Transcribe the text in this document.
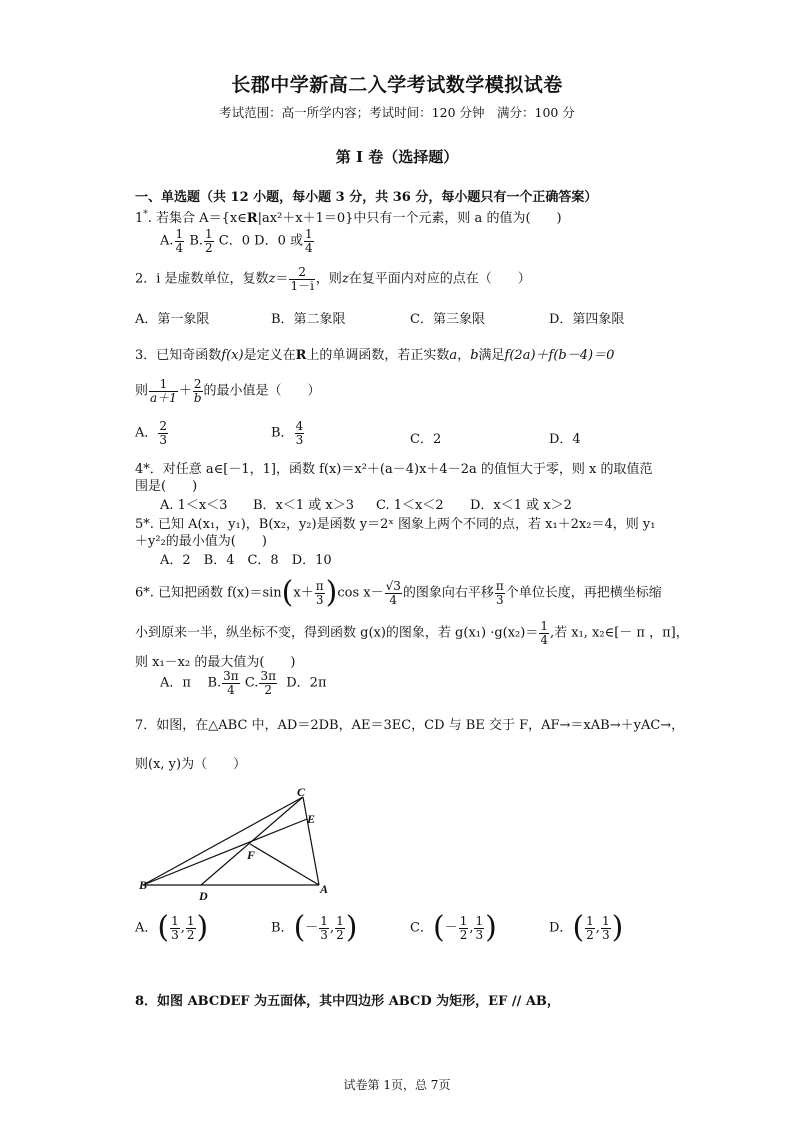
长郡中学新高二入学考试数学模拟试卷
考试范围：高一所学内容；考试时间：120 分钟　满分：100 分
第 I 卷（选择题）
一、单选题（共 12 小题，每小题 3 分，共 36 分，每小题只有一个正确答案）
1*. 若集合 A＝{x∈R|ax²＋x＋1＝0}中只有一个元素，则 a 的值为(　　)
A. $\frac{1}{4} B$. $\frac{1}{2}$ C．0 D．0 或 $\frac{1}{4}$
2．i 是虚数单位，复数$z= \frac{2}{1-i}$ ，则z在复平面内对应的点在（　　）
A．第一象限	B．第二象限	C．第三象限	D．第四象限
3．已知奇函数f(x)是定义在R上的单调函数，若正实数a，b满足f(2a)＋f(b－4)＝0
则 $\frac{1}{a+1} + \frac{2}{b}$ 的最小值是（　　）
A． $\frac{2}{3}$	B． $\frac{4}{3}$	C．2	D．4
4*．对任意 a∈[－1，1]，函数 f(x)＝x²＋(a－4)x＋4－2a 的值恒大于零，则 x 的取值范
围是(　　)
A. 1＜x＜3 B．x＜1 或 x＞3 C. 1＜x＜2 D．x＜1 或 x＞2
5*. 已知 A(x₁，y₁)，B(x₂，y₂)是函数 y＝2ˣ 图象上两个不同的点，若 x₁＋2x₂＝4，则 y₁
＋y²₂的最小值为(　　)
A．2　B．4　C．8　D．10
6*. 已知把函数 $f(x)=\sin(x+ \frac{\pi}{3} )\cos$ $x- \frac{√3}{4}$ 的图象向右平移 $\frac{\pi}{3}$ 个单位长度，再把横坐标缩
小到原来一半，纵坐标不变，得到函数 g(x)的图象，若 $g(x_1) \cdot g(x_2)= \frac{1}{4}$ ,若 x₁, x₂∈[－ π ，π]，
则 x₁－x₂ 的最大值为(　　)
A．π B. $\frac{3\pi}{4} C$. $\frac{3\pi}{2}$ D．2π
7．如图，在△ABC 中，AD＝2DB，AE＝3EC，CD 与 BE 交于 F，AF→＝xAB→＋yAC→，
则(x, y)为（　　）
C
E
F
B
D	A
A．( $\frac{1}{3}$ , $\frac{1}{2}$ )	B．(－ $\frac{1}{3}$ , $\frac{1}{2}$ )	C．(－ $\frac{1}{2}$ , $\frac{1}{3}$ )	D．( $\frac{1}{2}$ , $\frac{1}{3}$ )
8．如图 ABCDEF 为五面体，其中四边形 ABCD 为矩形，EF // AB，
试卷第 1页，总 7页
